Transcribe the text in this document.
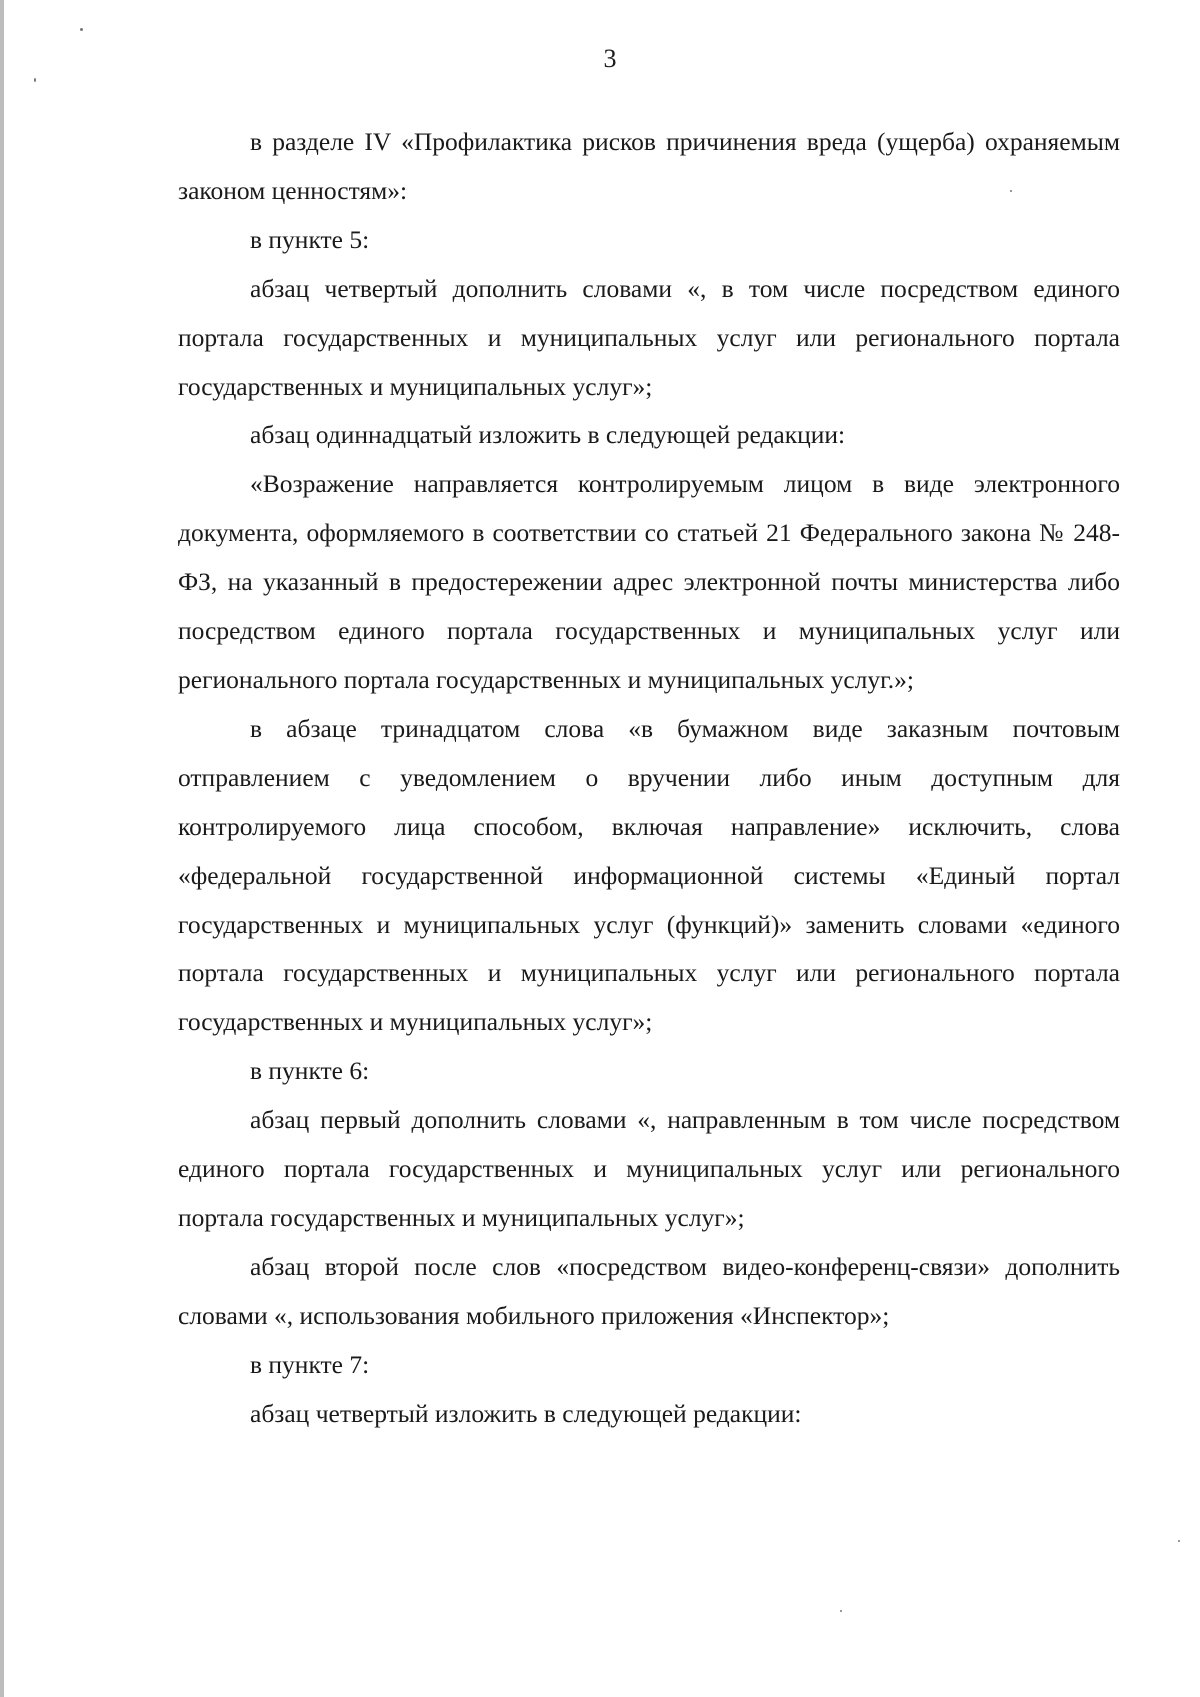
3

в разделе IV «Профилактика рисков причинения вреда (ущерба) охраняемым законом ценностям»:

в пункте 5:

абзац четвертый дополнить словами «, в том числе посредством единого портала государственных и муниципальных услуг или регионального портала государственных и муниципальных услуг»;

абзац одиннадцатый изложить в следующей редакции:

«Возражение направляется контролируемым лицом в виде электронного документа, оформляемого в соответствии со статьей 21 Федерального закона № 248-ФЗ, на указанный в предостережении адрес электронной почты министерства либо посредством единого портала государственных и муниципальных услуг или регионального портала государственных и муниципальных услуг.»;

в абзаце тринадцатом слова «в бумажном виде заказным почтовым отправлением с уведомлением о вручении либо иным доступным для контролируемого лица способом, включая направление» исключить, слова «федеральной государственной информационной системы «Единый портал государственных и муниципальных услуг (функций)» заменить словами «единого портала государственных и муниципальных услуг или регионального портала государственных и муниципальных услуг»;

в пункте 6:

абзац первый дополнить словами «, направленным в том числе посредством единого портала государственных и муниципальных услуг или регионального портала государственных и муниципальных услуг»;

абзац второй после слов «посредством видео-конференц-связи» дополнить словами «, использования мобильного приложения «Инспектор»;

в пункте 7:

абзац четвертый изложить в следующей редакции:
